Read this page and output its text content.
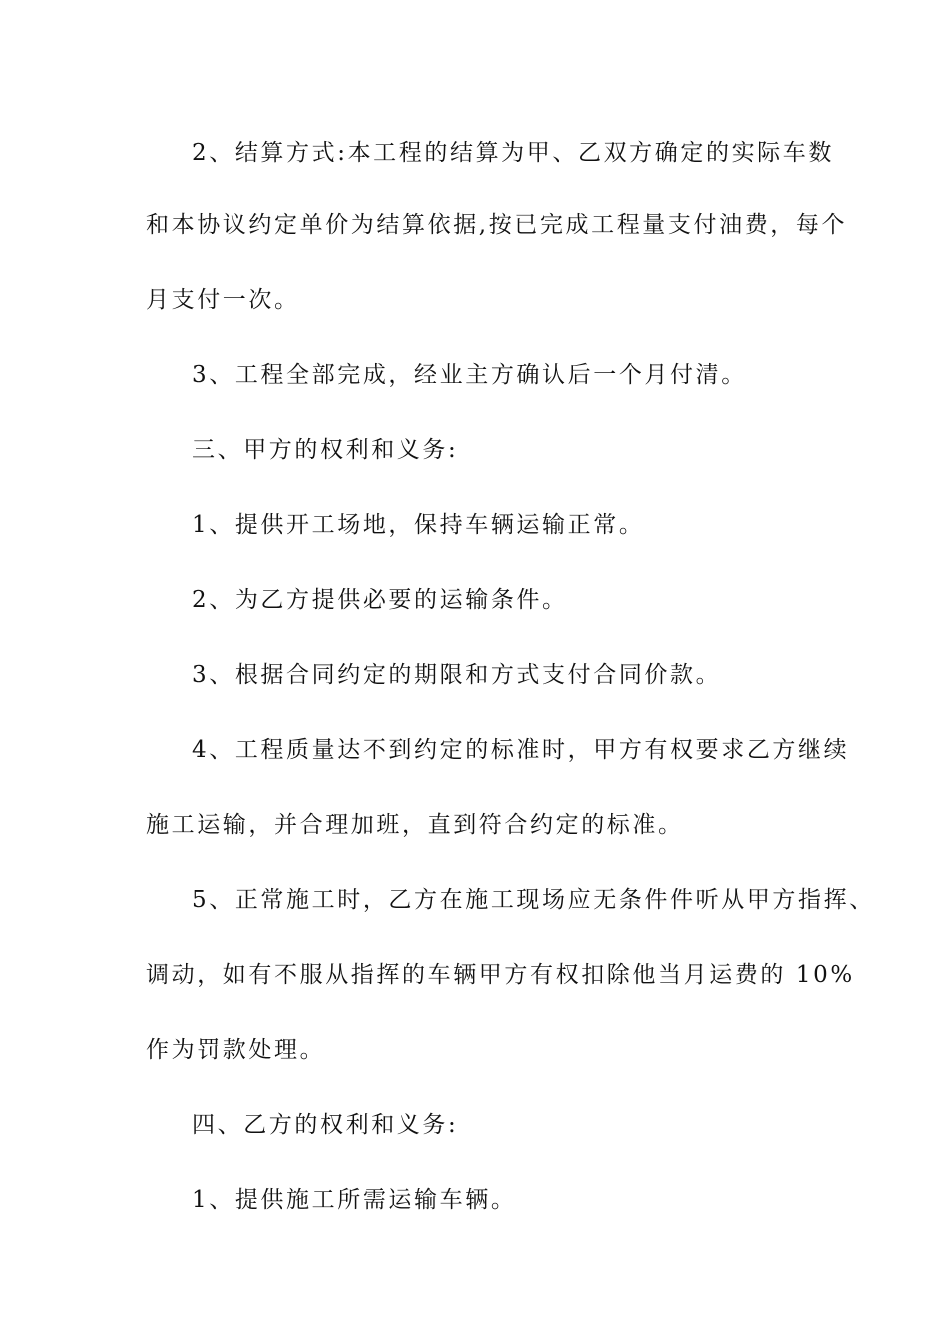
2、结算方式:本工程的结算为甲、乙双方确定的实际车数
和本协议约定单价为结算依据,按已完成工程量支付油费，每个
月支付一次。
3、工程全部完成，经业主方确认后一个月付清。
三、甲方的权利和义务:
1、提供开工场地，保持车辆运输正常。
2、为乙方提供必要的运输条件。
3、根据合同约定的期限和方式支付合同价款。
4、工程质量达不到约定的标准时，甲方有权要求乙方继续
施工运输，并合理加班，直到符合约定的标准。
5、正常施工时，乙方在施工现场应无条件件听从甲方指挥、
调动，如有不服从指挥的车辆甲方有权扣除他当月运费的 10%
作为罚款处理。
四、乙方的权利和义务:
1、提供施工所需运输车辆。
